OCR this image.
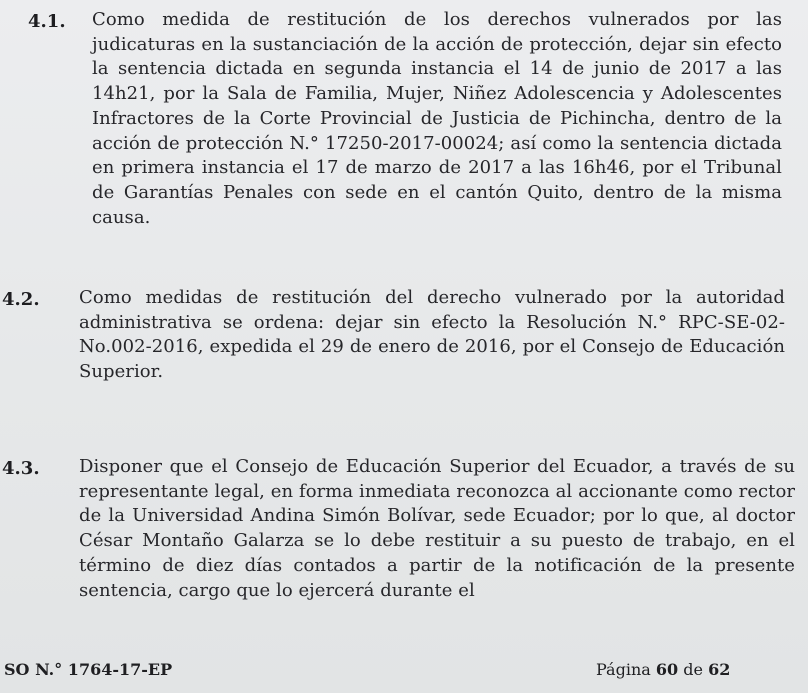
4.1. Como medida de restitución de los derechos vulnerados por las judicaturas en la sustanciación de la acción de protección, dejar sin efecto la sentencia dictada en segunda instancia el 14 de junio de 2017 a las 14h21, por la Sala de Familia, Mujer, Niñez Adolescencia y Adolescentes Infractores de la Corte Provincial de Justicia de Pichincha, dentro de la acción de protección N.° 17250-2017-00024; así como la sentencia dictada en primera instancia el 17 de marzo de 2017 a las 16h46, por el Tribunal de Garantías Penales con sede en el cantón Quito, dentro de la misma causa.
4.2. Como medidas de restitución del derecho vulnerado por la autoridad administrativa se ordena: dejar sin efecto la Resolución N.° RPC-SE-02-No.002-2016, expedida el 29 de enero de 2016, por el Consejo de Educación Superior.
4.3. Disponer que el Consejo de Educación Superior del Ecuador, a través de su representante legal, en forma inmediata reconozca al accionante como rector de la Universidad Andina Simón Bolívar, sede Ecuador; por lo que, al doctor César Montaño Galarza se lo debe restituir a su puesto de trabajo, en el término de diez días contados a partir de la notificación de la presente sentencia, cargo que lo ejercerá durante el
SO N.° 1764-17-EP	Página 60 de 62
